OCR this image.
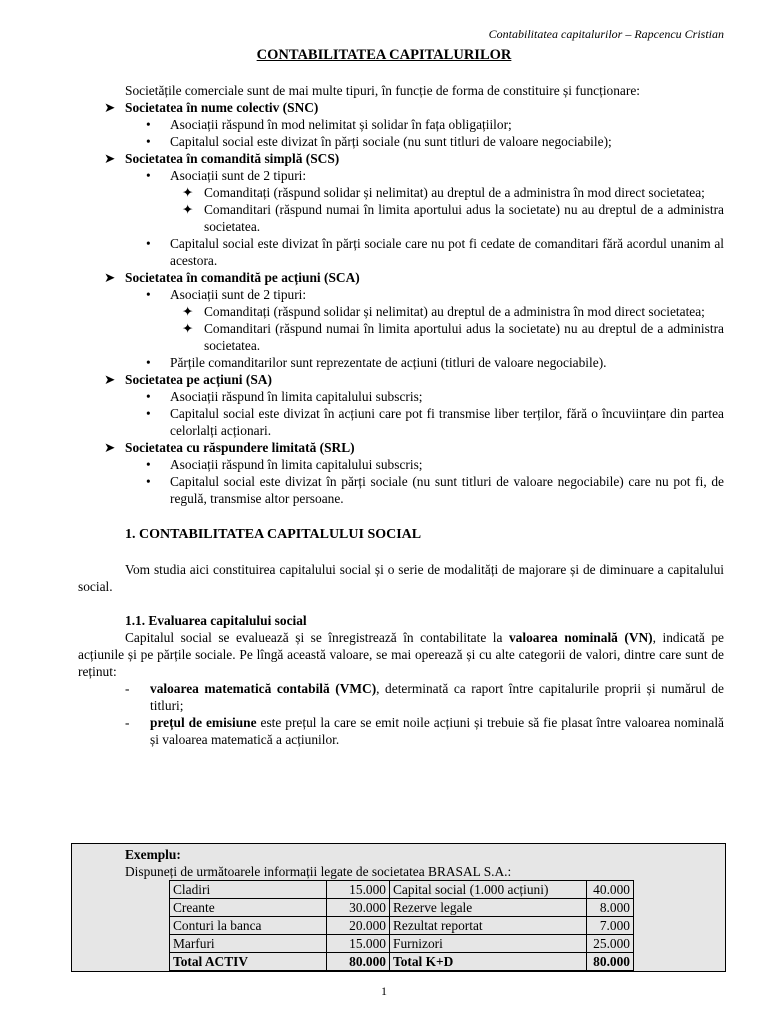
Contabilitatea capitalurilor – Rapcencu Cristian
CONTABILITATEA CAPITALURILOR

Societățile comerciale sunt de mai multe tipuri, în funcție de forma de constituire și funcționare:

➤ Societatea în nume colectiv (SNC)
• Asociații răspund în mod nelimitat și solidar în fața obligațiilor;
• Capitalul social este divizat în părți sociale (nu sunt titluri de valoare negociabile);
➤ Societatea în comandită simplă (SCS)
• Asociații sunt de 2 tipuri:
✦ Comanditați (răspund solidar și nelimitat) au dreptul de a administra în mod direct societatea;
✦ Comanditari (răspund numai în limita aportului adus la societate) nu au dreptul de a administra societatea.
• Capitalul social este divizat în părți sociale care nu pot fi cedate de comanditari fără acordul unanim al acestora.
➤ Societatea în comandită pe acțiuni (SCA)
• Asociații sunt de 2 tipuri:
✦ Comanditați (răspund solidar și nelimitat) au dreptul de a administra în mod direct societatea;
✦ Comanditari (răspund numai în limita aportului adus la societate) nu au dreptul de a administra societatea.
• Părțile comanditarilor sunt reprezentate de acțiuni (titluri de valoare negociabile).
➤ Societatea pe acțiuni (SA)
• Asociații răspund în limita capitalului subscris;
• Capitalul social este divizat în acțiuni care pot fi transmise liber terților, fără o încuviințare din partea celorlalți acționari.
➤ Societatea cu răspundere limitată (SRL)
• Asociații răspund în limita capitalului subscris;
• Capitalul social este divizat în părți sociale (nu sunt titluri de valoare negociabile) care nu pot fi, de regulă, transmise altor persoane.

1. CONTABILITATEA CAPITALULUI SOCIAL

Vom studia aici constituirea capitalului social și o serie de modalități de majorare și de diminuare a capitalului social.

1.1. Evaluarea capitalului social

Capitalul social se evaluează și se înregistrează în contabilitate la valoarea nominală (VN), indicată pe acțiunile și pe părțile sociale. Pe lîngă această valoare, se mai operează și cu alte categorii de valori, dintre care sunt de reținut:

- valoarea matematică contabilă (VMC), determinată ca raport între capitalurile proprii și numărul de titluri;
- prețul de emisiune este prețul la care se emit noile acțiuni și trebuie să fie plasat între valoarea nominală și valoarea matematică a acțiunilor.
Exemplu:
Dispuneți de următoarele informații legate de societatea BRASAL S.A.:
Cladiri	15.000	Capital social (1.000 acțiuni)	40.000
Creante	30.000	Rezerve legale	8.000
Conturi la banca	20.000	Rezultat reportat	7.000
Marfuri	15.000	Furnizori	25.000
Total ACTIV	80.000	Total K+D	80.000
1
